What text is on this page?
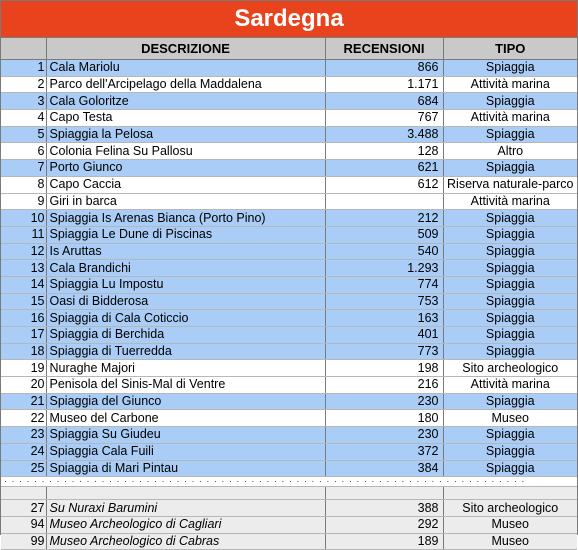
Sardegna
	DESCRIZIONE	RECENSIONI	TIPO
1	Cala Mariolu	866	Spiaggia
2	Parco dell'Arcipelago della Maddalena	1.171	Attività marina
3	Cala Goloritze	684	Spiaggia
4	Capo Testa	767	Attività marina
5	Spiaggia la Pelosa	3.488	Spiaggia
6	Colonia Felina Su Pallosu	128	Altro
7	Porto Giunco	621	Spiaggia
8	Capo Caccia	612	Riserva naturale-parco
9	Giri in barca		Attività marina
10	Spiaggia Is Arenas Bianca (Porto Pino)	212	Spiaggia
11	Spiaggia Le Dune di Piscinas	509	Spiaggia
12	Is Aruttas	540	Spiaggia
13	Cala Brandichi	1.293	Spiaggia
14	Spiaggia Lu Impostu	774	Spiaggia
15	Oasi di Bidderosa	753	Spiaggia
16	Spiaggia di Cala Coticcio	163	Spiaggia
17	Spiaggia di Berchida	401	Spiaggia
18	Spiaggia di Tuerredda	773	Spiaggia
19	Nuraghe Majori	198	Sito archeologico
20	Penisola del Sinis-Mal di Ventre	216	Attività marina
21	Spiaggia del Giunco	230	Spiaggia
22	Museo del Carbone	180	Museo
23	Spiaggia Su Giudeu	230	Spiaggia
24	Spiaggia Cala Fuili	372	Spiaggia
25	Spiaggia di Mari Pintau	384	Spiaggia

· · · · · · · · · · · · · · · · · · · · · · · · · · · · · · · · · · · · · · · · · · · · · · · · · · · · · · · · · · · · · · · · · · · · · ·			

27	Su Nuraxi Barumini	388	Sito archeologico
94	Museo Archeologico di Cagliari	292	Museo
99	Museo Archeologico di Cabras	189	Museo
